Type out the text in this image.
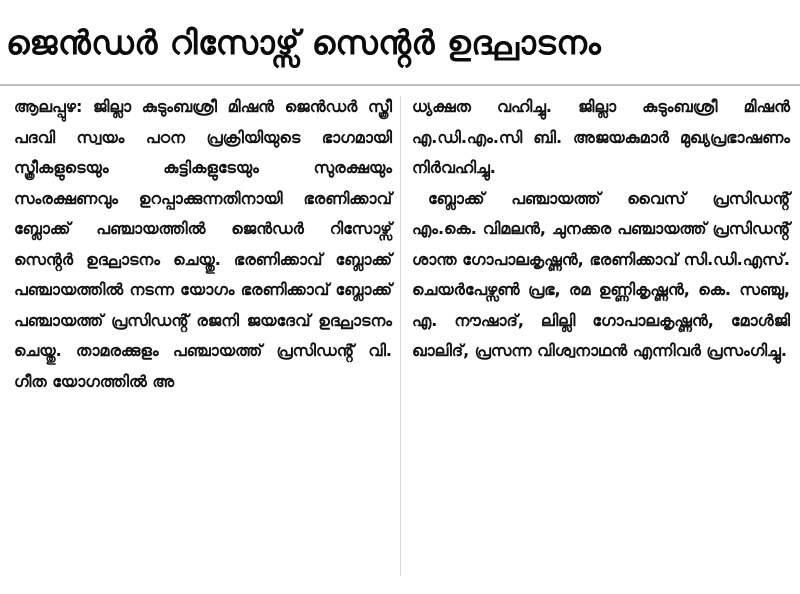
ജെൻഡർ റിസോഴ്സ് സെൻ്റർ ഉദ്ഘാടനം

ആലപ്പുഴ: ജില്ലാ കുടുംബശ്രീ മിഷൻ ജെൻഡർ സ്ത്രീ പദവി സ്വയം പഠന പ്രക്രിയിയുടെ ഭാഗമായി സ്ത്രീകളുടെയും കുട്ടികളുടേയും സുരക്ഷയും സംരക്ഷണവും ഉറപ്പാക്കുന്നതിനായി ഭരണിക്കാവ് ബ്ലോക്ക് പഞ്ചായത്തിൽ ജെൻഡർ റിസോഴ്സ് സെൻ്റർ ഉദ്ഘാടനം ചെയ്തു. ഭരണിക്കാവ് ബ്ലോക്ക് പഞ്ചായത്തിൽ നടന്ന യോഗം ഭരണിക്കാവ് ബ്ലോക്ക് പഞ്ചായത്ത് പ്രസിഡൻ്റ് രജനി ജയദേവ് ഉദ്ഘാടനം ചെയ്തു. താമരക്കുളം പഞ്ചായത്ത് പ്രസിഡൻ്റ് വി. ഗീത യോഗത്തിൽ അ

ധ്യക്ഷത വഹിച്ചു. ജില്ലാ കുടുംബശ്രീ മിഷൻ എ.ഡി.എം.സി ബി. അജയകുമാർ മുഖ്യപ്രഭാഷണം നിർവഹിച്ചു.

ബ്ലോക്ക് പഞ്ചായത്ത് വൈസ് പ്രസിഡൻ്റ് എം.കെ. വിമലൻ, ചുനക്കര പഞ്ചായത്ത് പ്രസിഡൻ്റ് ശാന്ത ഗോപാലകൃഷ്ണൻ, ഭരണിക്കാവ് സി.ഡി.എസ്. ചെയർപേഴ്സൺ പ്രഭ, രമ ഉണ്ണികൃഷ്ണൻ, കെ. സഞ്ചു, എ. നൗഷാദ്, ലില്ലി ഗോപാലകൃഷ്ണൻ, മോൾജി ഖാലിദ്, പ്രസന്ന വിശ്വനാഥൻ എന്നിവർ പ്രസംഗിച്ചു.
